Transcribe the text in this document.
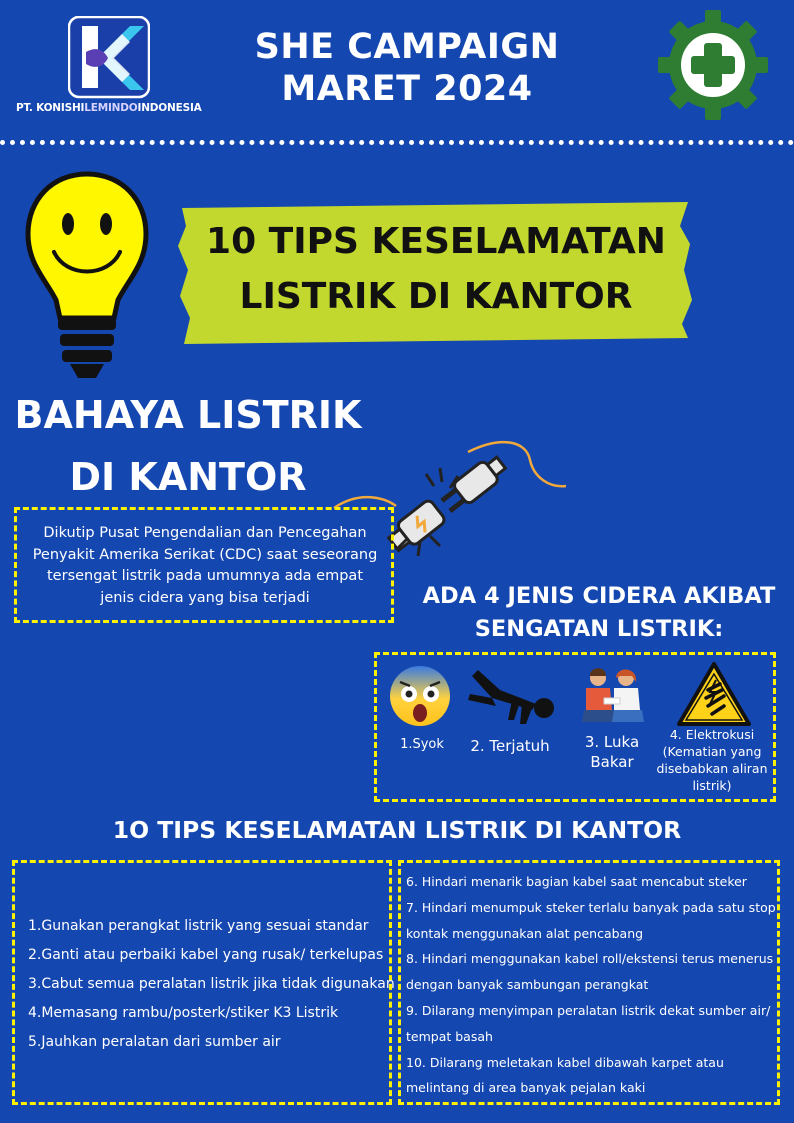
PT. KONISHILEMINDOINDONESIA
SHE CAMPAIGN
MARET 2024
10 TIPS KESELAMATAN
LISTRIK DI KANTOR
BAHAYA LISTRIK
DI KANTOR
Dikutip Pusat Pengendalian dan Pencegahan Penyakit Amerika Serikat (CDC) saat seseorang tersengat listrik pada umumnya ada empat jenis cidera yang bisa terjadi	ADA 4 JENIS CIDERA AKIBAT
SENGATAN LISTRIK:
1.Syok	2. Terjatuh	3. Luka Bakar
4. Elektrokusi (Kematian yang disebabkan aliran listrik)
1O TIPS KESELAMATAN LISTRIK DI KANTOR
1.Gunakan perangkat listrik yang sesuai standar
2.Ganti atau perbaiki kabel yang rusak/ terkelupas
3.Cabut semua peralatan listrik jika tidak digunakan
4.Memasang rambu/posterk/stiker K3 Listrik
5.Jauhkan peralatan dari sumber air
6. Hindari menarik bagian kabel saat mencabut steker
7. Hindari menumpuk steker terlalu banyak pada satu stop
kontak menggunakan alat pencabang
8. Hindari menggunakan kabel roll/ekstensi terus menerus
dengan banyak sambungan perangkat
9. Dilarang menyimpan peralatan listrik dekat sumber air/
tempat basah
10. Dilarang meletakan kabel dibawah karpet atau
melintang di area banyak pejalan kaki
